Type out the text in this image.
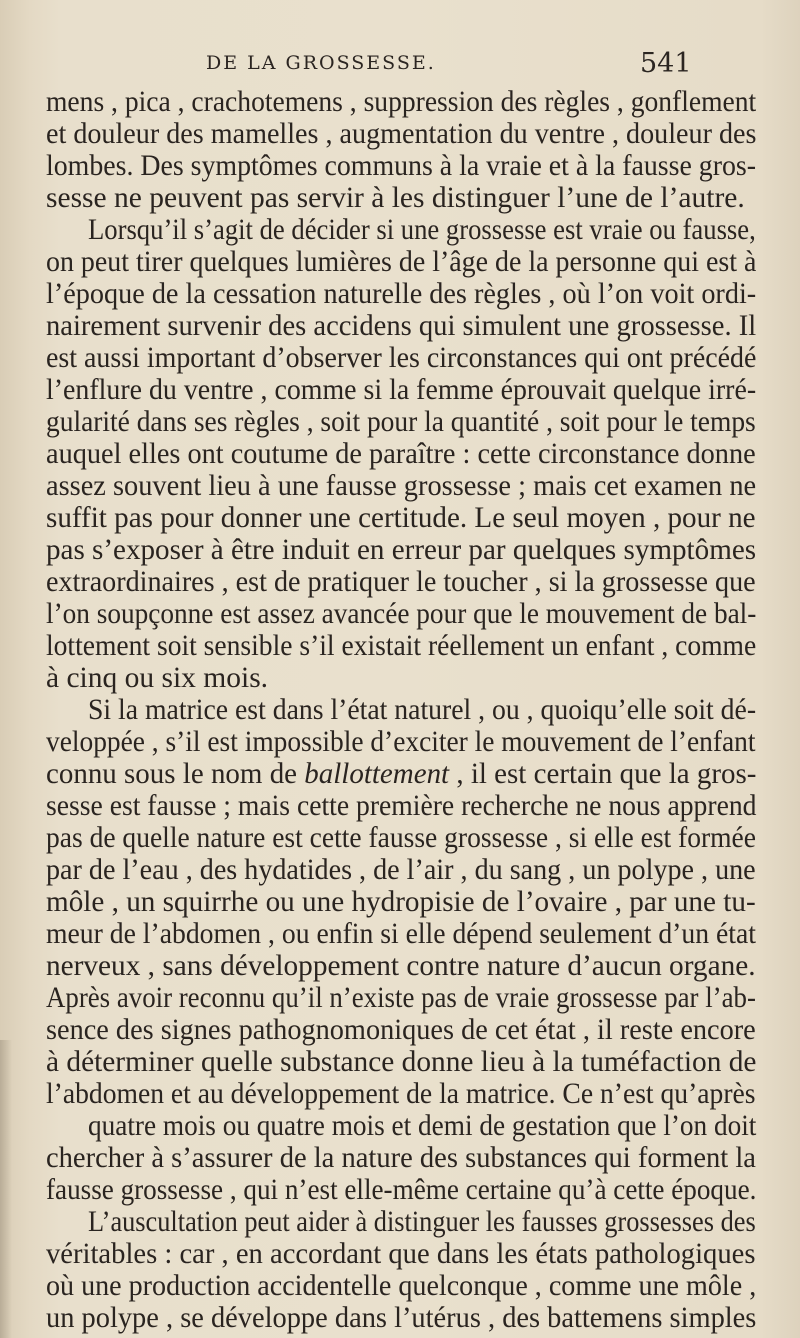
DE LA GROSSESSE.	541
mens , pica , crachotemens , suppression des règles , gonflement
et douleur des mamelles , augmentation du ventre , douleur des
lombes. Des symptômes communs à la vraie et à la fausse gros-
sesse ne peuvent pas servir à les distinguer l’une de l’autre.
Lorsqu’il s’agit de décider si une grossesse est vraie ou fausse,
on peut tirer quelques lumières de l’âge de la personne qui est à
l’époque de la cessation naturelle des règles , où l’on voit ordi-
nairement survenir des accidens qui simulent une grossesse. Il
est aussi important d’observer les circonstances qui ont précédé
l’enflure du ventre , comme si la femme éprouvait quelque irré-
gularité dans ses règles , soit pour la quantité , soit pour le temps
auquel elles ont coutume de paraître : cette circonstance donne
assez souvent lieu à une fausse grossesse ; mais cet examen ne
suffit pas pour donner une certitude. Le seul moyen , pour ne
pas s’exposer à être induit en erreur par quelques symptômes
extraordinaires , est de pratiquer le toucher , si la grossesse que
l’on soupçonne est assez avancée pour que le mouvement de bal-
lottement soit sensible s’il existait réellement un enfant , comme
à cinq ou six mois.
Si la matrice est dans l’état naturel , ou , quoiqu’elle soit dé-
veloppée , s’il est impossible d’exciter le mouvement de l’enfant
connu sous le nom de ballottement , il est certain que la gros-
sesse est fausse ; mais cette première recherche ne nous apprend
pas de quelle nature est cette fausse grossesse , si elle est formée
par de l’eau , des hydatides , de l’air , du sang , un polype , une
môle , un squirrhe ou une hydropisie de l’ovaire , par une tu-
meur de l’abdomen , ou enfin si elle dépend seulement d’un état
nerveux , sans développement contre nature d’aucun organe.
Après avoir reconnu qu’il n’existe pas de vraie grossesse par l’ab-
sence des signes pathognomoniques de cet état , il reste encore
à déterminer quelle substance donne lieu à la tuméfaction de
l’abdomen et au développement de la matrice. Ce n’est qu’après
quatre mois ou quatre mois et demi de gestation que l’on doit
chercher à s’assurer de la nature des substances qui forment la
fausse grossesse , qui n’est elle-même certaine qu’à cette époque.
L’auscultation peut aider à distinguer les fausses grossesses des
véritables : car , en accordant que dans les états pathologiques
où une production accidentelle quelconque , comme une môle ,
un polype , se développe dans l’utérus , des battemens simples
